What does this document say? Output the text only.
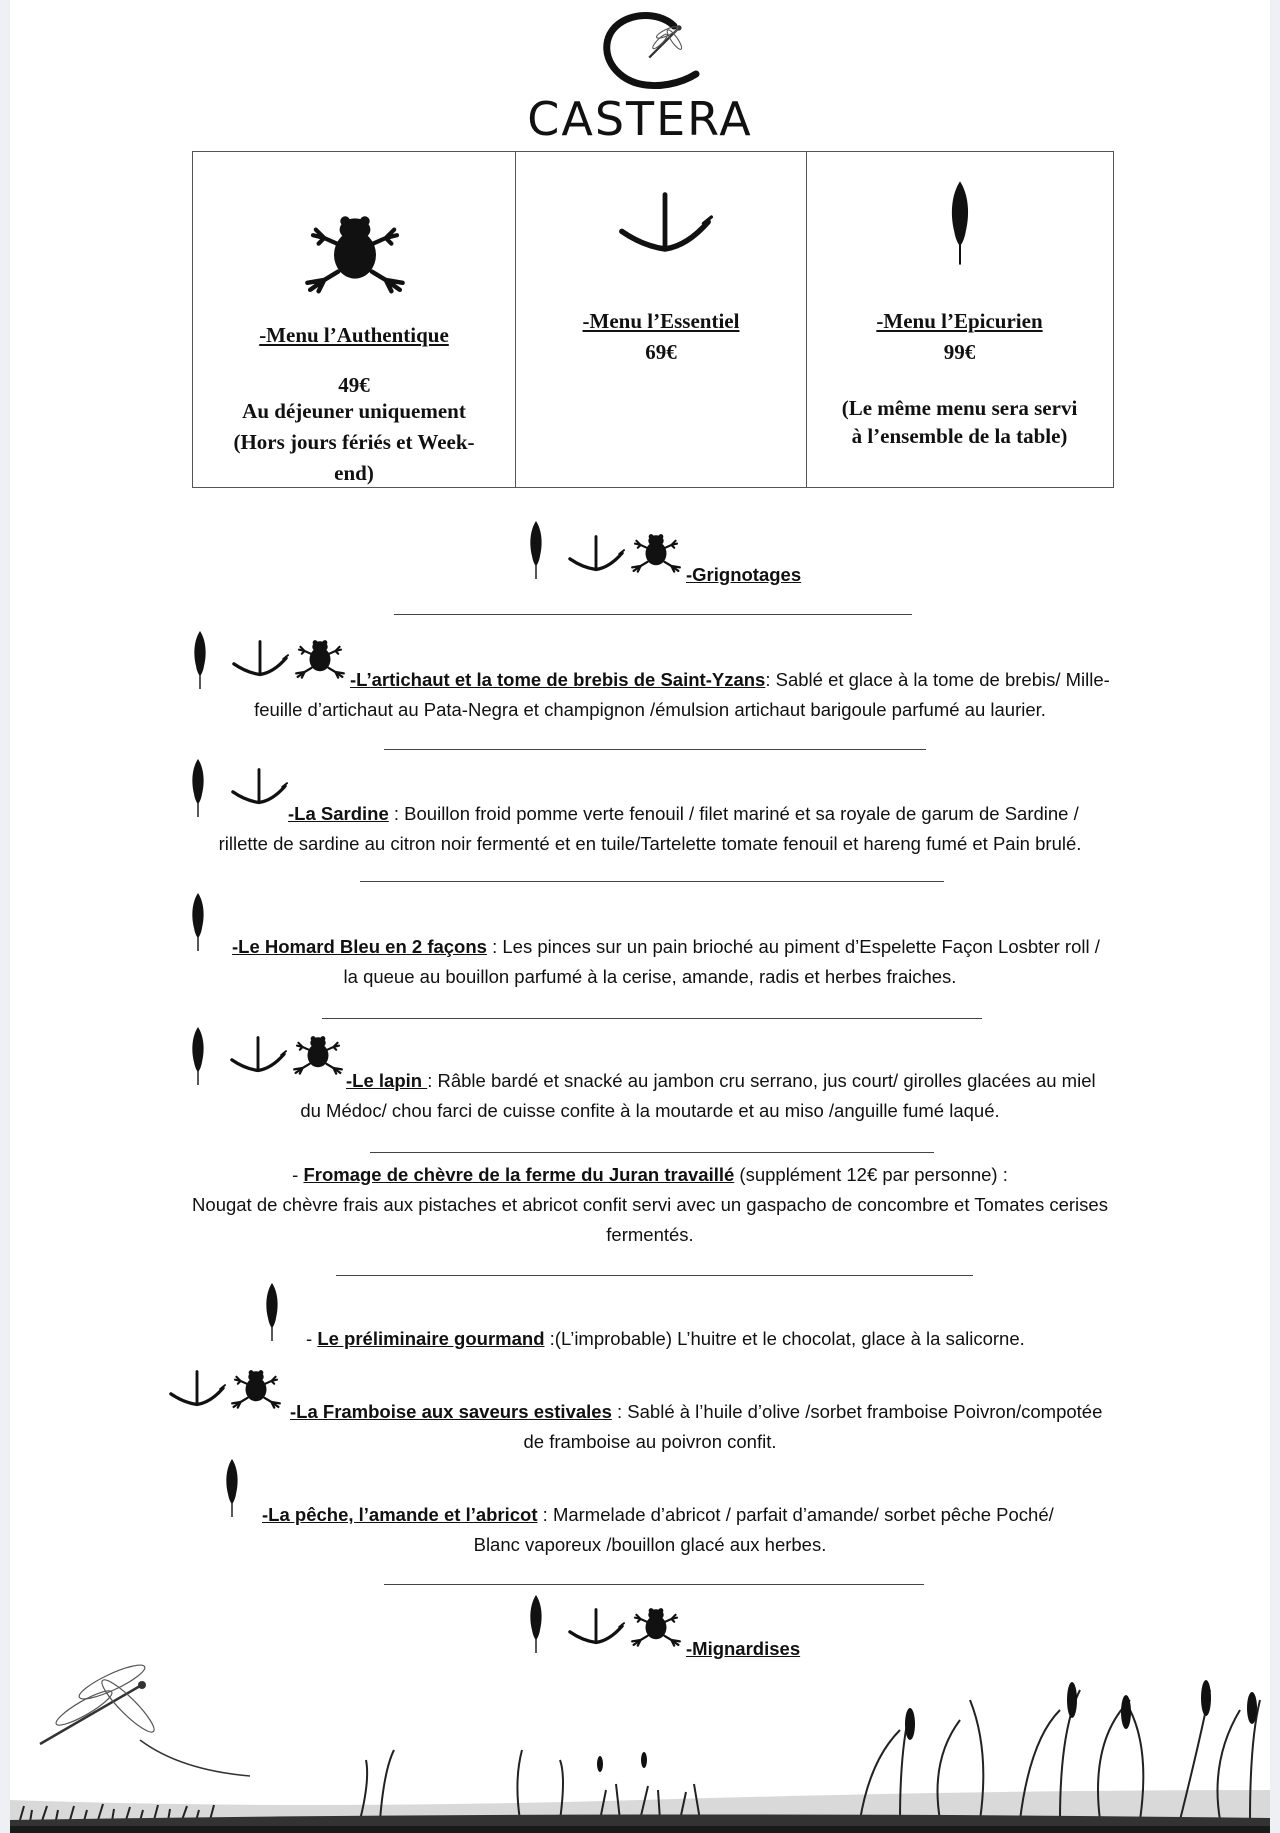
CASTERA
-Menu l’Authentique
49€
Au déjeuner uniquement
(Hors jours fériés et Week-
end)
-Menu l’Essentiel
69€
-Menu l’Epicurien
99€
(Le même menu sera servi
à l’ensemble de la table)
-Grignotages
-L’artichaut et la tome de brebis de Saint-Yzans: Sablé et glace à la tome de brebis/ Mille-
feuille d’artichaut au Pata-Negra et champignon /émulsion artichaut barigoule parfumé au laurier.
-La Sardine : Bouillon froid pomme verte fenouil / filet mariné et sa royale de garum de Sardine /
rillette de sardine au citron noir fermenté et en tuile/Tartelette tomate fenouil et hareng fumé et Pain brulé.
-Le Homard Bleu en 2 façons : Les pinces sur un pain brioché au piment d’Espelette Façon Losbter roll /
la queue au bouillon parfumé à la cerise, amande, radis et herbes fraiches.
-Le lapin : Râble bardé et snacké au jambon cru serrano, jus court/ girolles glacées au miel
du Médoc/ chou farci de cuisse confite à la moutarde et au miso /anguille fumé laqué.
- Fromage de chèvre de la ferme du Juran travaillé (supplément 12€ par personne) :
Nougat de chèvre frais aux pistaches et abricot confit servi avec un gaspacho de concombre et Tomates cerises
fermentés.
- Le préliminaire gourmand :(L’improbable) L’huitre et le chocolat, glace à la salicorne.
-La Framboise aux saveurs estivales : Sablé à l’huile d’olive /sorbet framboise Poivron/compotée
de framboise au poivron confit.
-La pêche, l’amande et l’abricot : Marmelade d’abricot / parfait d’amande/ sorbet pêche Poché/
Blanc vaporeux /bouillon glacé aux herbes.
-Mignardises
